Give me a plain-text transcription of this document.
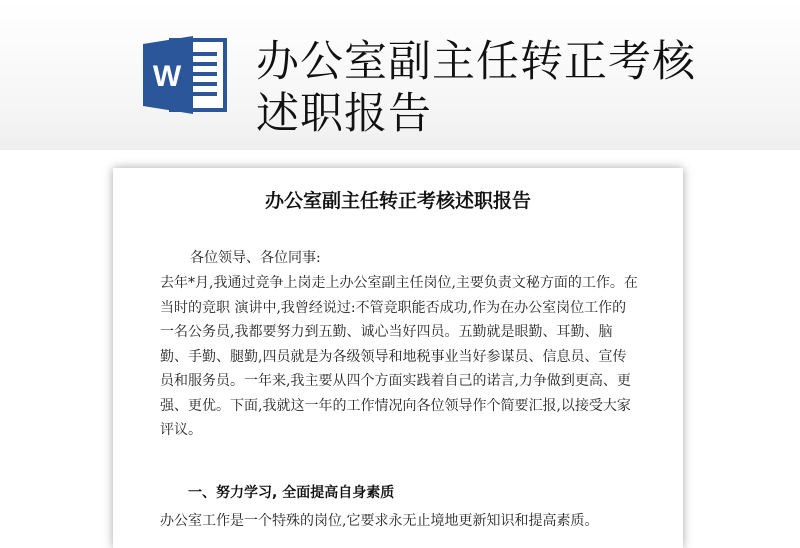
W 办公室副主任转正考核述职报告
办公室副主任转正考核述职报告

各位领导、各位同事:

去年*月,我通过竞争上岗走上办公室副主任岗位,主要负责文秘方面的工作。在当时的竞职 演讲中,我曾经说过:不管竞职能否成功,作为在办公室岗位工作的一名公务员,我都要努力到五勤、诚心当好四员。五勤就是眼勤、耳勤、脑勤、手勤、腿勤,四员就是为各级领导和地税事业当好参谋员、信息员、宣传员和服务员。一年来,我主要从四个方面实践着自己的诺言,力争做到更高、更强、更优。下面,我就这一年的工作情况向各位领导作个简要汇报,以接受大家评议。

一、努力学习, 全面提高自身素质

办公室工作是一个特殊的岗位,它要求永无止境地更新知识和提高素质。
